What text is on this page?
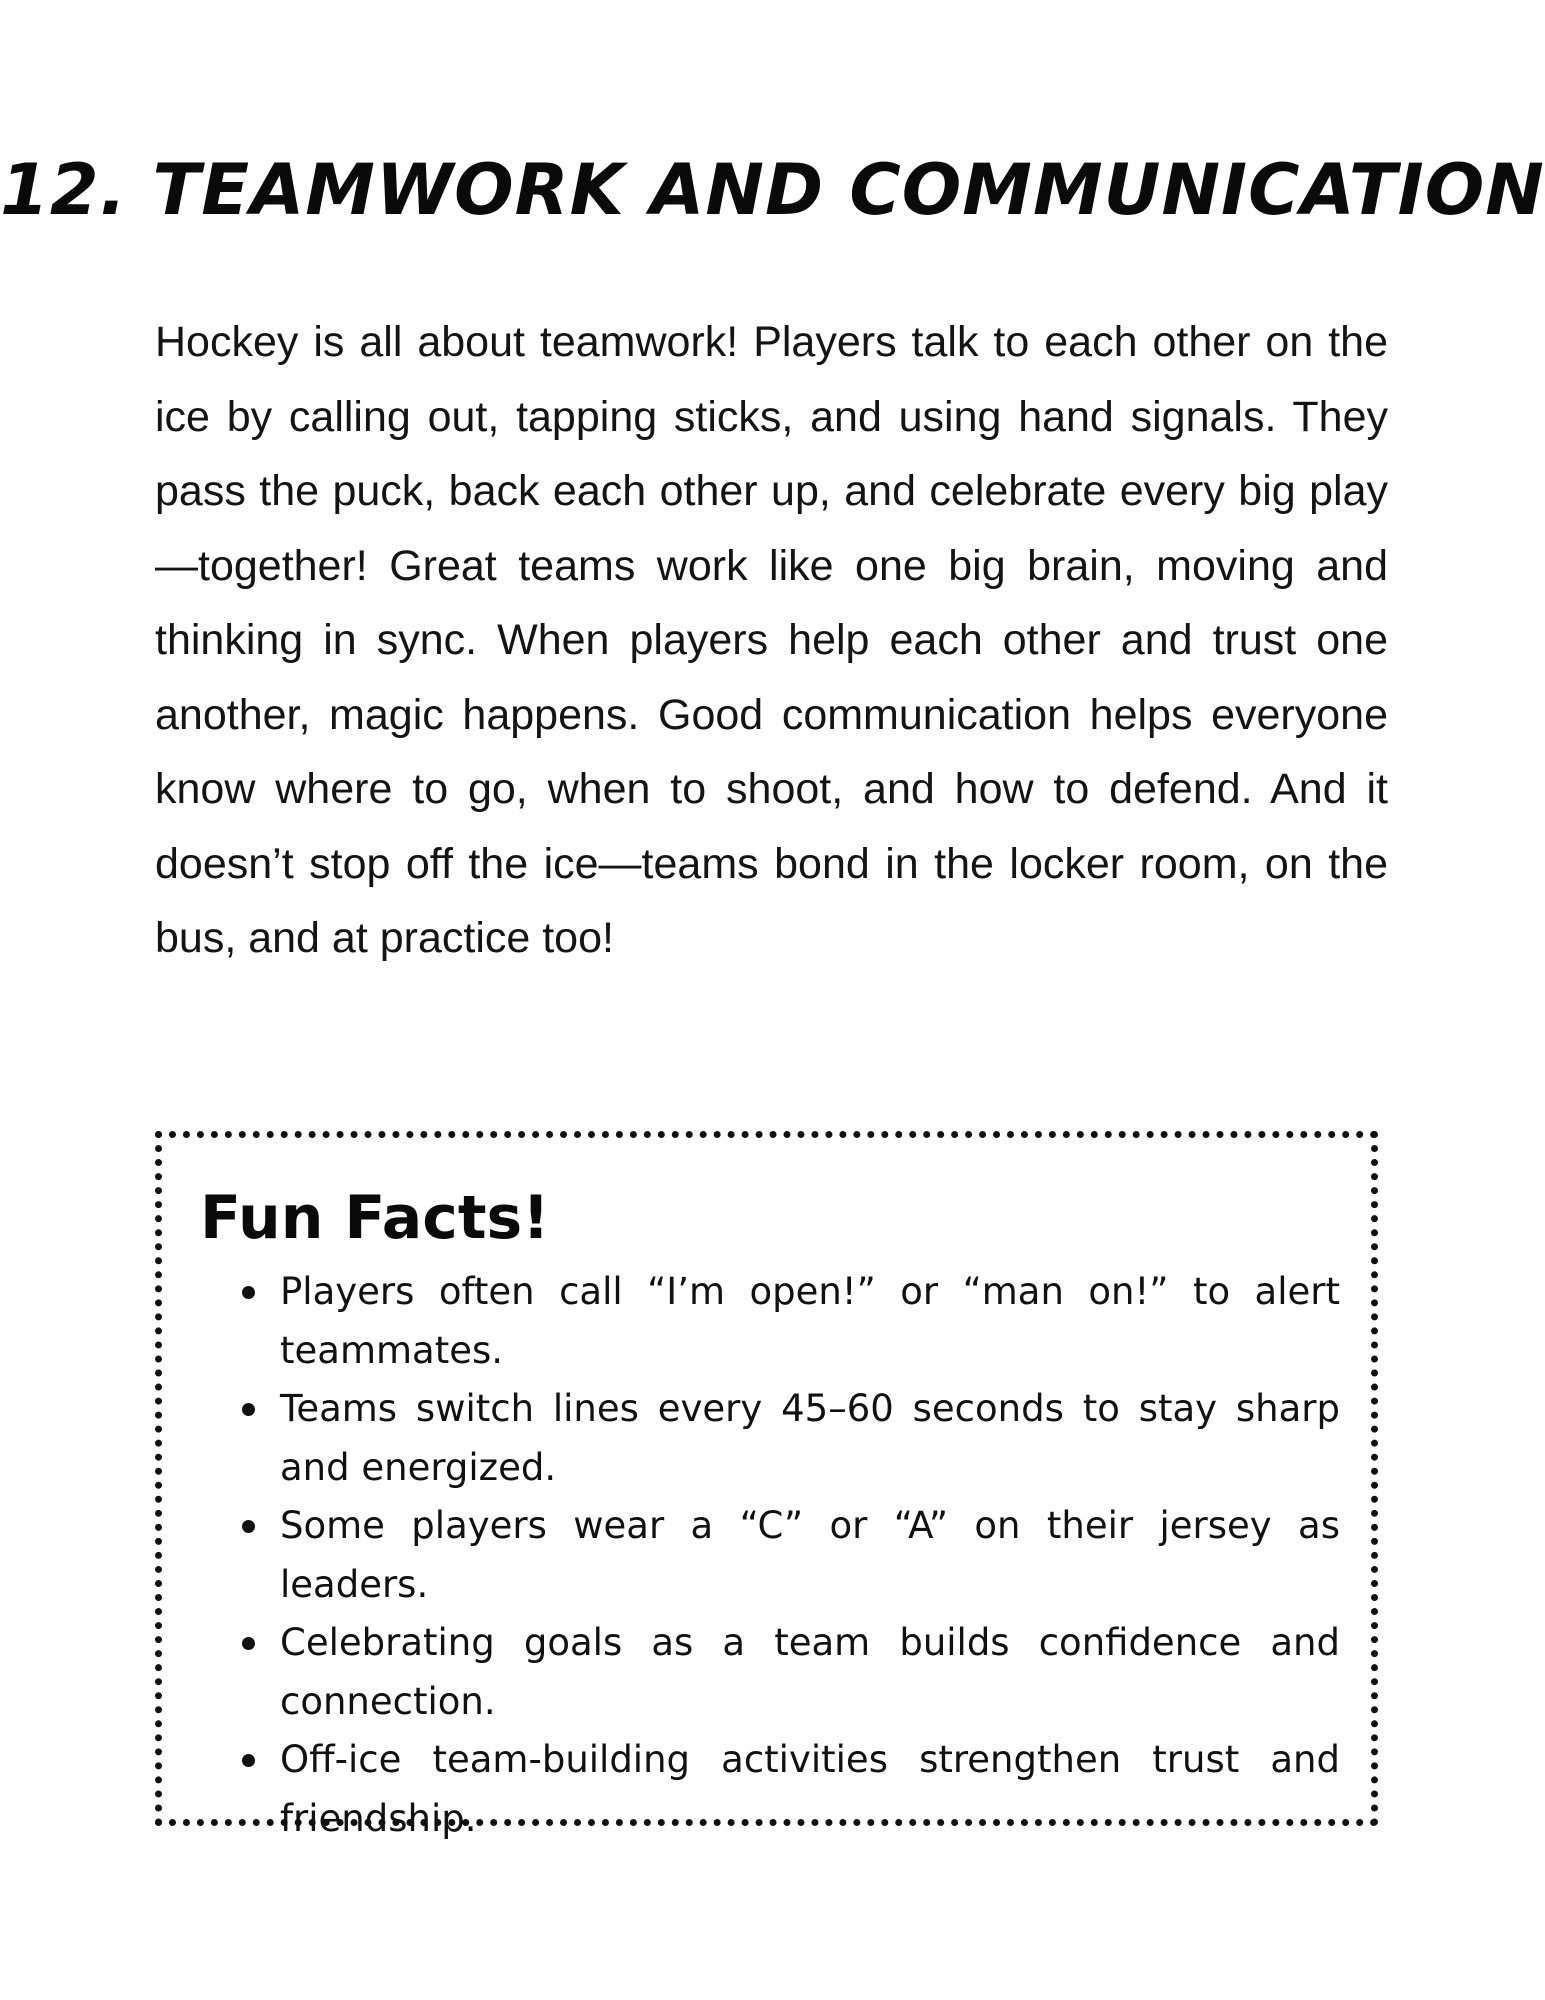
12. TEAMWORK AND COMMUNICATION

Hockey is all about teamwork! Players talk to each other on the ice by calling out, tapping sticks, and using hand signals. They pass the puck, back each other up, and celebrate every big play—together! Great teams work like one big brain, moving and thinking in sync. When players help each other and trust one another, magic happens. Good communication helps everyone know where to go, when to shoot, and how to defend. And it doesn’t stop off the ice—teams bond in the locker room, on the bus, and at practice too!

Fun Facts!
Players often call “I’m open!” or “man on!” to alert teammates.
Teams switch lines every 45–60 seconds to stay sharp and energized.
Some players wear a “C” or “A” on their jersey as leaders.
Celebrating goals as a team builds confidence and connection.
Off-ice team-building activities strengthen trust and friendship.
